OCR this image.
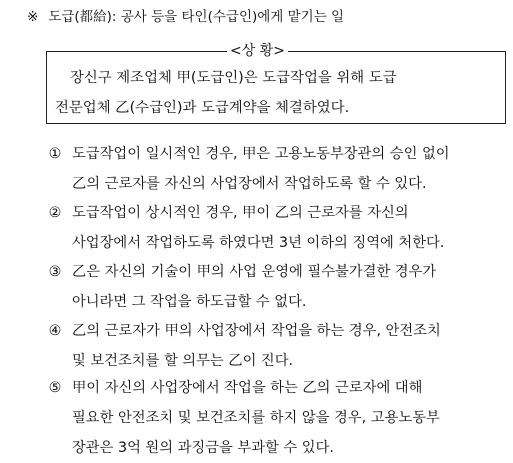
※ 도급(都給): 공사 등을 타인(수급인)에게 맡기는 일
<상 황>
장신구 제조업체 甲(도급인)은 도급작업을 위해 도급
전문업체 乙(수급인)과 도급계약을 체결하였다.
① 도급작업이 일시적인 경우, 甲은 고용노동부장관의 승인 없이
乙의 근로자를 자신의 사업장에서 작업하도록 할 수 있다.
② 도급작업이 상시적인 경우, 甲이 乙의 근로자를 자신의
사업장에서 작업하도록 하였다면 3년 이하의 징역에 처한다.
③ 乙은 자신의 기술이 甲의 사업 운영에 필수불가결한 경우가
아니라면 그 작업을 하도급할 수 없다.
④ 乙의 근로자가 甲의 사업장에서 작업을 하는 경우, 안전조치
및 보건조치를 할 의무는 乙이 진다.
⑤ 甲이 자신의 사업장에서 작업을 하는 乙의 근로자에 대해
필요한 안전조치 및 보건조치를 하지 않을 경우, 고용노동부
장관은 3억 원의 과징금을 부과할 수 있다.
